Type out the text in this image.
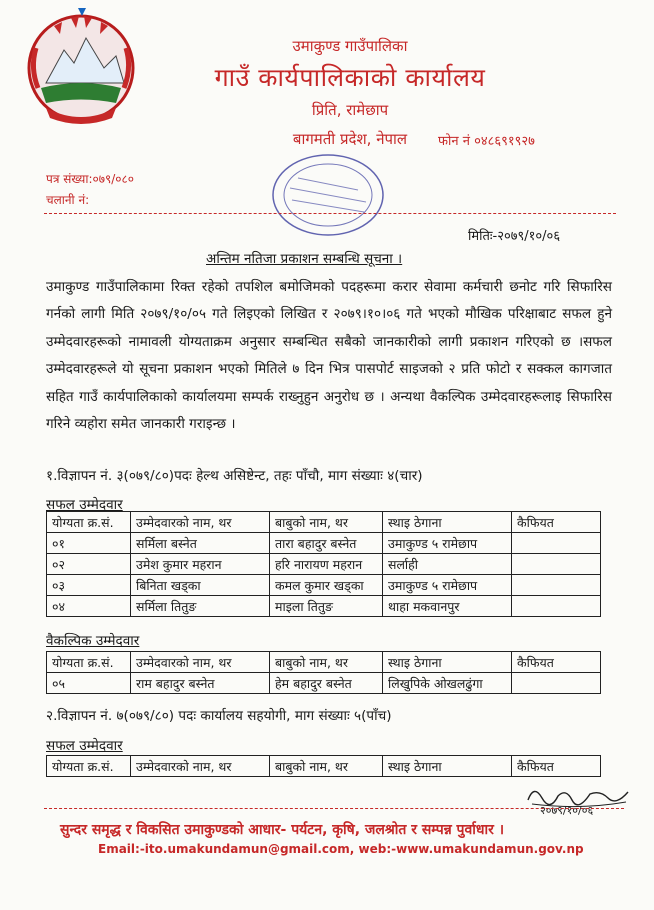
उमाकुण्ड गाउँपालिका
गाउँ कार्यपालिकाको कार्यालय
प्रिति, रामेछाप
बागमती प्रदेश, नेपाल	फोन नं ०४८६९१९२७
पत्र संख्या:०७९/०८०
चलानी नं:
मितिः-२०७९/१०/०६
अन्तिम नतिजा प्रकाशन सम्बन्धि सूचना ।
उमाकुण्ड गाउँपालिकामा रिक्त रहेको तपशिल बमोजिमको पदहरूमा करार सेवामा कर्मचारी छनोट गरि सिफारिस गर्नको लागी मिति २०७९/१०/०५ गते लिइएको लिखित र २०७९।१०।०६ गते भएको मौखिक परिक्षाबाट सफल हुने उम्मेदवारहरूको नामावली योग्यताक्रम अनुसार सम्बन्धित सबैको जानकारीको लागी प्रकाशन गरिएको छ ।सफल उम्मेदवारहरूले यो सूचना प्रकाशन भएको मितिले ७ दिन भित्र पासपोर्ट साइजको २ प्रति फोटो र सक्कल कागजात सहित गाउँ कार्यपालिकाको कार्यालयमा सम्पर्क राख्नुहुन अनुरोध छ । अन्यथा वैकल्पिक उम्मेदवारहरूलाइ सिफारिस गरिने व्यहोरा समेत जानकारी गराइन्छ ।
१.विज्ञापन नं. ३(०७९/८०)पदः हेल्थ असिष्टेन्ट, तहः पाँचौ, माग संख्याः ४(चार)
सफल उम्मेदवार
योग्यता क्र.सं.	उम्मेदवारको नाम, थर	बाबुको नाम, थर	स्थाइ ठेगाना	कैफियत
०१	सर्मिला बस्नेत	तारा बहादुर बस्नेत	उमाकुण्ड ५ रामेछाप	
०२	उमेश कुमार महरान	हरि नारायण महरान	सर्लाही	
०३	बिनिता खड्का	कमल कुमार खड्का	उमाकुण्ड ५ रामेछाप	
०४	सर्मिला तितुङ	माइला तितुङ	थाहा मकवानपुर	
वैकल्पिक उम्मेदवार
योग्यता क्र.सं.	उम्मेदवारको नाम, थर	बाबुको नाम, थर	स्थाइ ठेगाना	कैफियत
०५	राम बहादुर बस्नेत	हेम बहादुर बस्नेत	लिखुपिके ओखलढुंगा	
२.विज्ञापन नं. ७(०७९/८०) पदः कार्यालय सहयोगी, माग संख्याः ५(पाँच)
सफल उम्मेदवार
योग्यता क्र.सं.	उम्मेदवारको नाम, थर	बाबुको नाम, थर	स्थाइ ठेगाना	कैफियत
२०७९/१०/०६
सुन्दर समृद्ध र विकसित उमाकुण्डको आधार- पर्यटन, कृषि, जलश्रोत र सम्पन्न पुर्वाधार ।
Email:-ito.umakundamun@gmail.com, web:-www.umakundamun.gov.np
